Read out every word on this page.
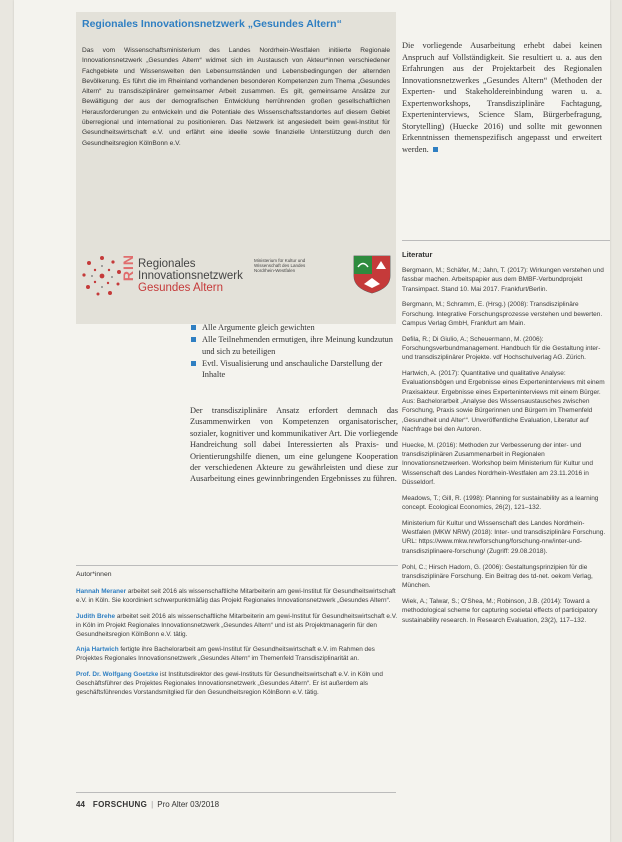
Regionales Innovationsnetzwerk „Gesundes Altern“
Das vom Wissenschaftsministerium des Landes Nordrhein-Westfalen initiierte Regionale Innovationsnetzwerk „Gesundes Altern“ widmet sich im Austausch von Akteur*innen verschiedener Fachgebiete und Wissenswelten den Lebensumständen und Lebensbedingungen der alternden Bevölkerung. Es führt die im Rheinland vorhandenen besonderen Kompetenzen zum Thema „Gesundes Altern“ zu transdisziplinärer gemeinsamer Arbeit zusammen. Es gilt, gemeinsame Ansätze zur Bewältigung der aus der demografischen Entwicklung herrührenden großen gesellschaftlichen Herausforderungen zu entwickeln und die Potentiale des Wissenschaftsstandortes auf diesem Gebiet überregional und international zu positionieren. Das Netzwerk ist angesiedelt beim gewi-Institut für Gesundheitswirtschaft e.V. und erfährt eine ideelle sowie finanzielle Unterstützung durch den Gesundheitsregion KölnBonn e.V.
RIN Regionales
Innovationsnetzwerk
Gesundes Altern
Ministerium für Kultur und Wissenschaft des Landes Nordrhein-Westfalen
Die vorliegende Ausarbeitung erhebt dabei keinen Anspruch auf Vollständigkeit. Sie resultiert u. a. aus den Erfahrungen aus der Projektarbeit des Regionalen Innovationsnetzwerkes „Gesundes Altern“ (Methoden der Experten- und Stakeholdereinbindung waren u. a. Expertenworkshops, Transdisziplinäre Fachtagung, Experteninterviews, Science Slam, Bürgerbefragung, Storytelling) (Huecke 2016) und sollte mit gewonnen Erkenntnissen themenspezifisch angepasst und erweitert werden.
Literatur

Bergmann, M.; Schäfer, M.; Jahn, T. (2017): Wirkungen verstehen und fassbar machen. Arbeitspapier aus dem BMBF-Verbundprojekt Transimpact. Stand 10. Mai 2017. Frankfurt/Berlin.

Bergmann, M.; Schramm, E. (Hrsg.) (2008): Transdisziplinäre Forschung. Integrative Forschungsprozesse verstehen und bewerten. Campus Verlag GmbH, Frankfurt am Main.

Defila, R.; Di Giulio, A.; Scheuermann, M. (2006): Forschungsverbundmanagement. Handbuch für die Gestaltung inter- und transdisziplinärer Projekte. vdf Hochschulverlag AG. Zürich.

Hartwich, A. (2017): Quantitative und qualitative Analyse: Evaluationsbögen und Ergebnisse eines Experteninterviews mit einem Praxisakteur. Ergebnisse eines Experteninterviews mit einem Bürger. Aus: Bachelorarbeit „Analyse des Wissensaustausches zwischen Forschung, Praxis sowie Bürgerinnen und Bürgern im Themenfeld ‚Gesundheit und Alter‘“. Unveröffentliche Evaluation, Literatur auf Nachfrage bei den Autoren.

Huecke, M. (2016): Methoden zur Verbesserung der inter- und transdisziplinären Zusammenarbeit in Regionalen Innovationsnetzwerken. Workshop beim Ministerium für Kultur und Wissenschaft des Landes Nordrhein-Westfalen am 23.11.2016 in Düsseldorf.

Meadows, T.; Gill, R. (1998): Planning for sustainability as a learning concept. Ecological Economics, 26(2), 121–132.

Ministerium für Kultur und Wissenschaft des Landes Nordrhein-Westfalen (MKW NRW) (2018): Inter- und transdisziplinäre Forschung. URL: https://www.mkw.nrw/forschung/forschung-nrw/inter-und-transdisziplinaere-forschung/ (Zugriff: 29.08.2018).

Pohl, C.; Hirsch Hadorn, G. (2006): Gestaltungsprinzipien für die transdisziplinäre Forschung. Ein Beitrag des td-net. oekom Verlag, München.

Wiek, A.; Talwar, S.; O'Shea, M.; Robinson, J.B. (2014): Toward a methodological scheme for capturing societal effects of participatory sustainability research. In Research Evaluation, 23(2), 117–132.

Alle Argumente gleich gewichten
Alle Teilnehmenden ermutigen, ihre Meinung kundzutun und sich zu beteiligen
Evtl. Visualisierung und anschauliche Darstellung der Inhalte
Der transdisziplinäre Ansatz erfordert demnach das Zusammenwirken von Kompetenzen organisatorischer, sozialer, kognitiver und kommunikativer Art. Die vorliegende Handreichung soll dabei Interessierten als Praxis- und Orientierungshilfe dienen, um eine gelungene Kooperation der verschiedenen Akteure zu gewährleisten und diese zur Ausarbeitung eines gewinnbringenden Ergebnisses zu führen.
Autor*innen

Hannah Meraner arbeitet seit 2016 als wissenschaftliche Mitarbeiterin am gewi-Institut für Gesundheitswirtschaft e.V. in Köln. Sie koordiniert schwerpunktmäßig das Projekt Regionales Innovationsnetzwerk „Gesundes Altern“.

Judith Brehe arbeitet seit 2016 als wissenschaftliche Mitarbeiterin am gewi-Institut für Gesundheitswirtschaft e.V. in Köln im Projekt Regionales Innovationsnetzwerk „Gesundes Altern“ und ist als Projektmanagerin für den Gesundheitsregion KölnBonn e.V. tätig.

Anja Hartwich fertigte ihre Bachelorarbeit am gewi-Institut für Gesundheitswirtschaft e.V. im Rahmen des Projektes Regionales Innovationsnetzwerk „Gesundes Altern“ im Themenfeld Transdisziplinarität an.

Prof. Dr. Wolfgang Goetzke ist Institutsdirektor des gewi-Instituts für Gesundheitswirtschaft e.V. in Köln und Geschäftsführer des Projektes Regionales Innovationsnetzwerk „Gesundes Altern“. Er ist außerdem als geschäftsführendes Vorstandsmitglied für den Gesundheitsregion KölnBonn e.V. tätig.

44 FORSCHUNG | Pro Alter 03/2018
